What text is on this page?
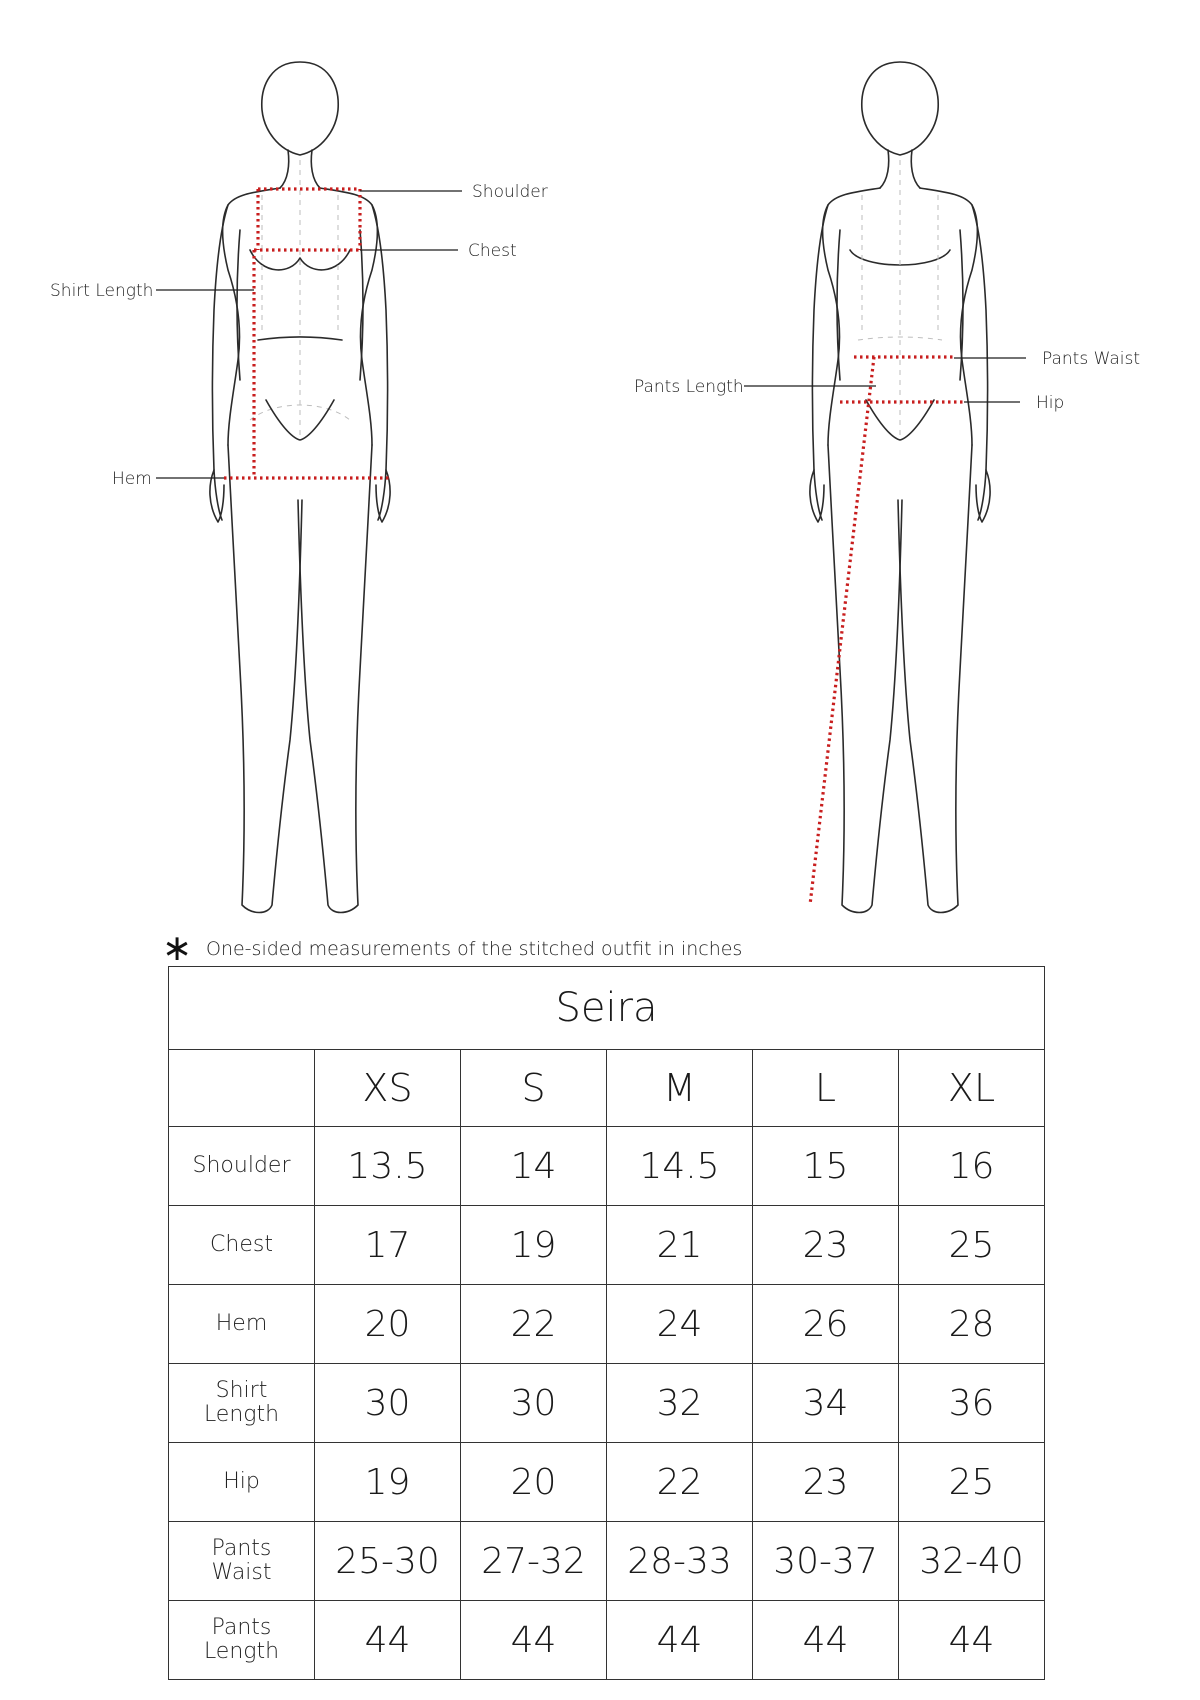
Shoulder
Chest
Shirt Length
Hem
Pants Waist
Pants Length
Hip
∗ One-sided measurements of the stitched outfit in inches
Seira					
	XS	S	M	L	XL

Shoulder	13.5	14	14.5	15	16

Chest	17	19	21	23	25

Hem	20	22	24	26	28

Shirt
Length	30	30	32	34	36

Hip	19	20	22	23	25

Pants
Waist	25-30	27-32	28-33	30-37	32-40

Pants
Length	44	44	44	44	44
